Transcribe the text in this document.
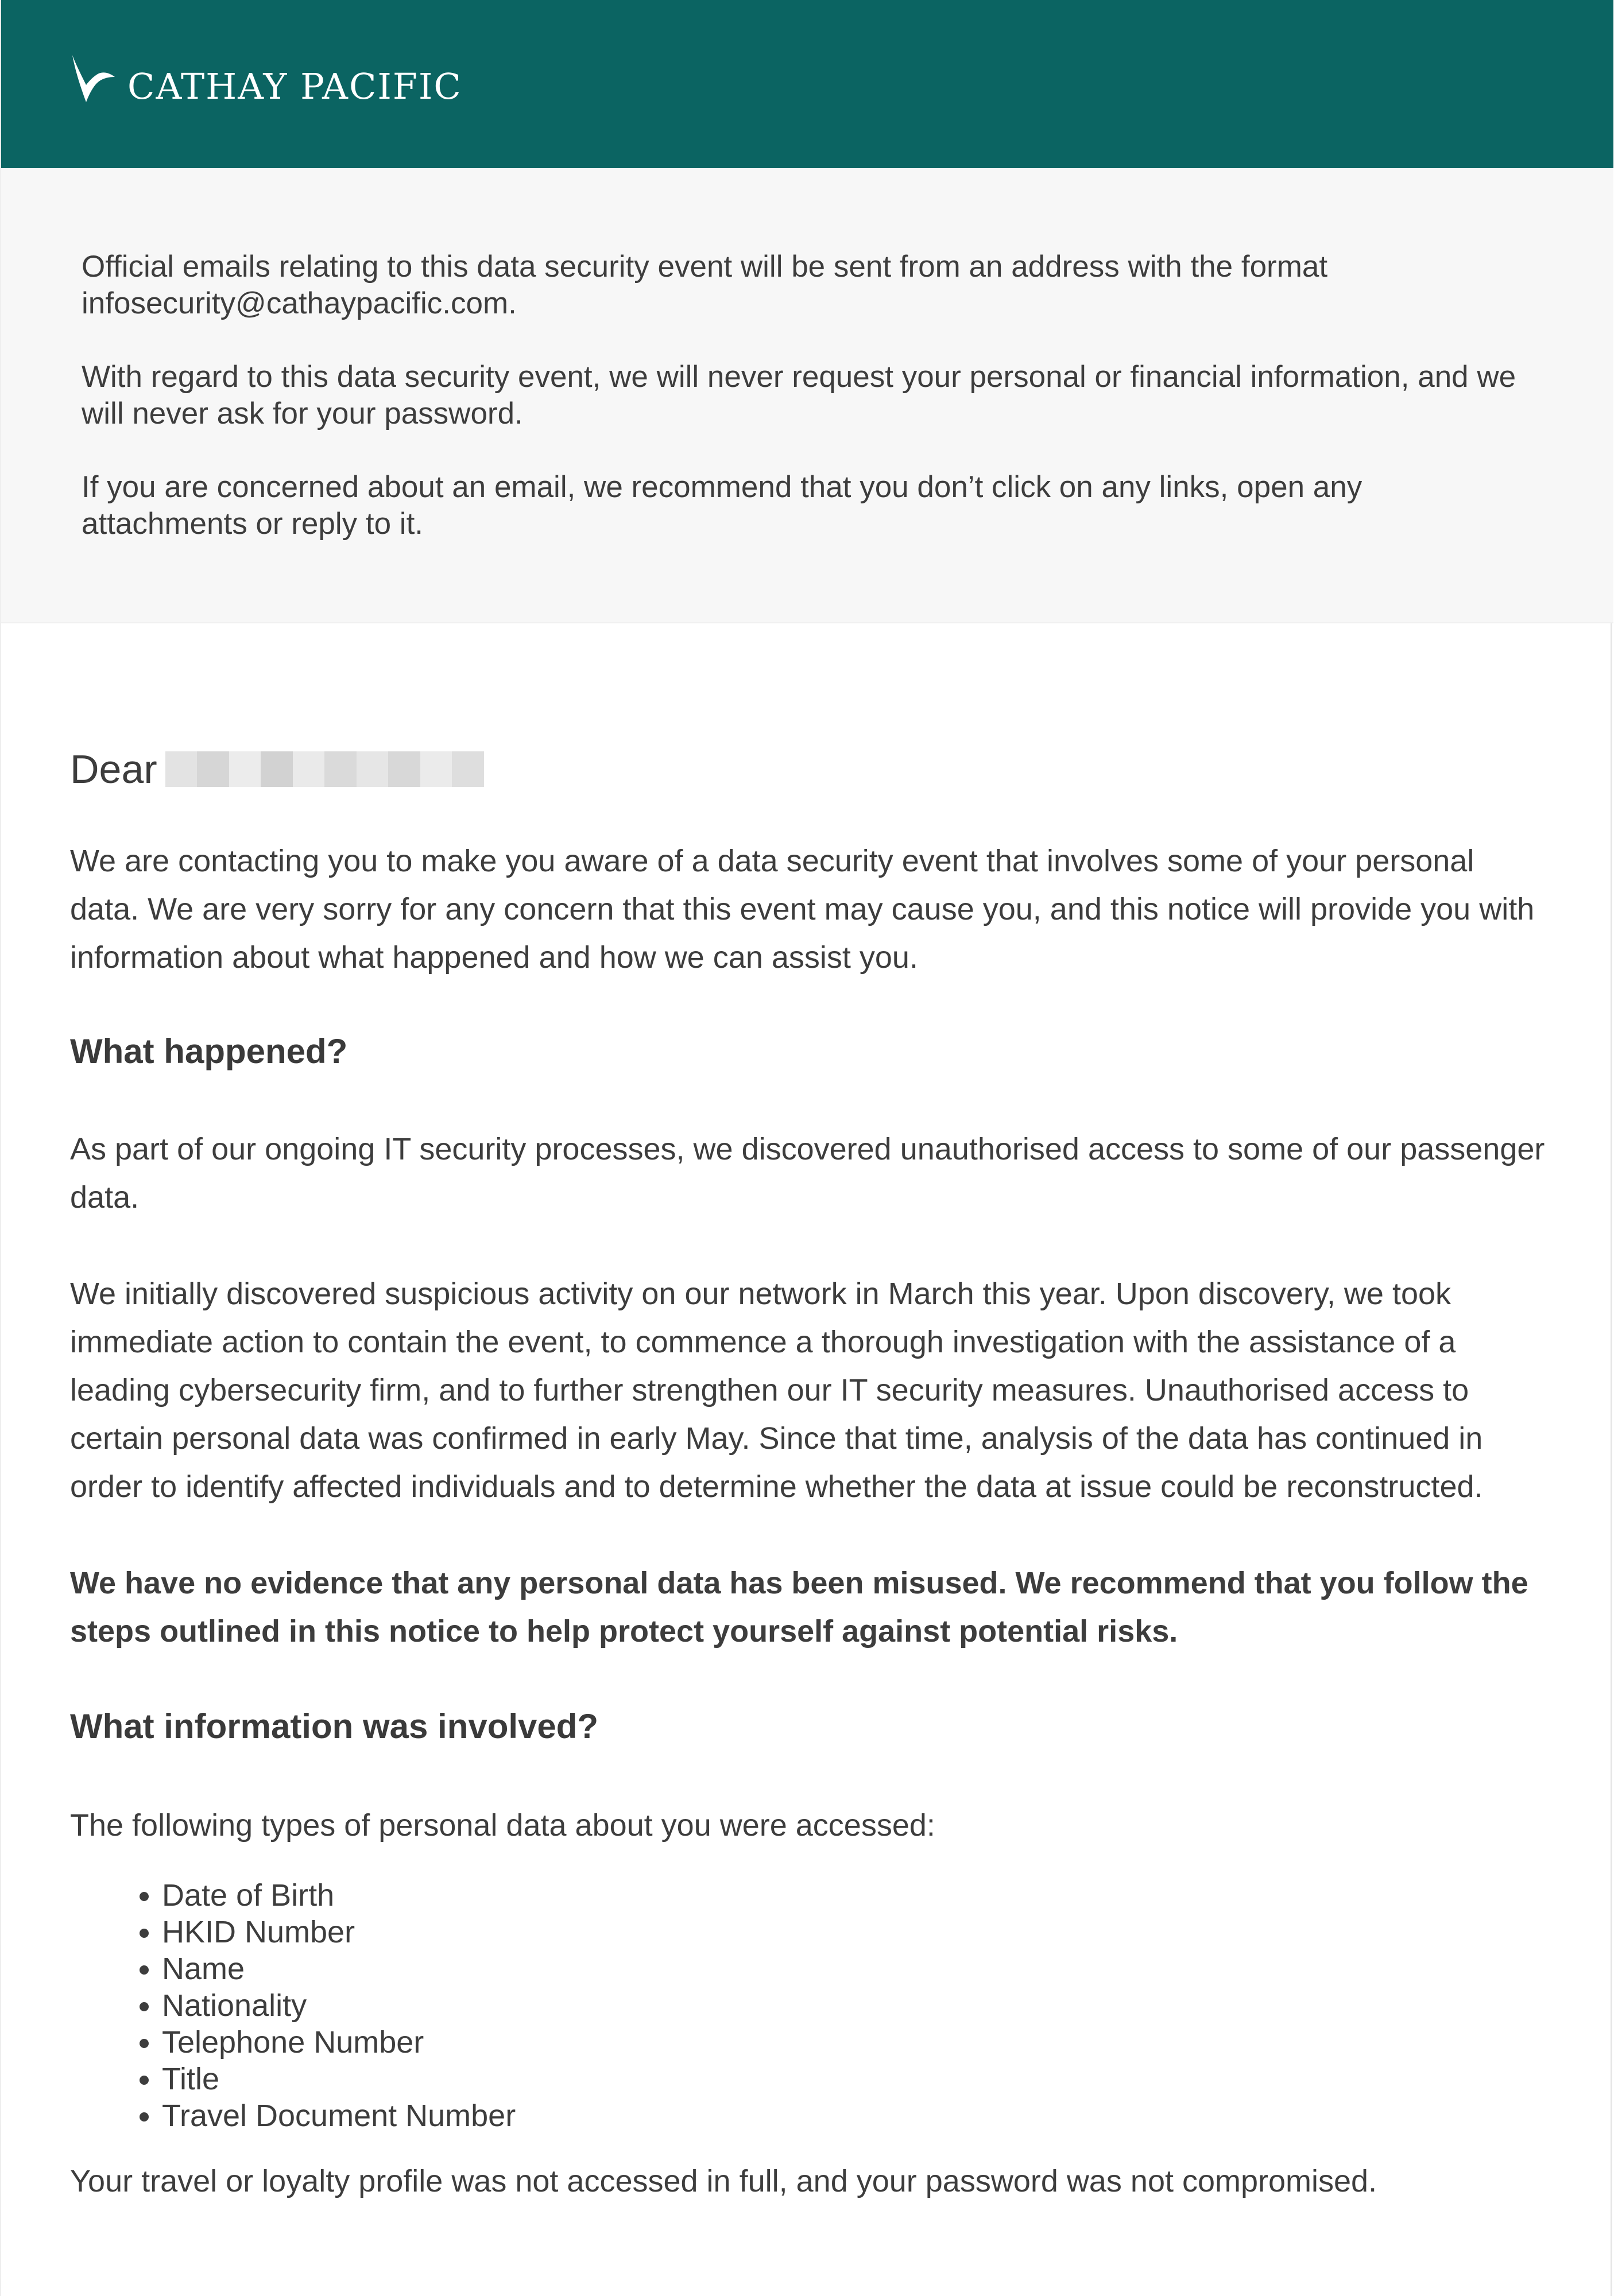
CATHAY PACIFIC

Official emails relating to this data security event will be sent from an address with the format infosecurity@cathaypacific.com.

With regard to this data security event, we will never request your personal or financial information, and we will never ask for your password.

If you are concerned about an email, we recommend that you don’t click on any links, open any attachments or reply to it.

Dear

We are contacting you to make you aware of a data security event that involves some of your personal data. We are very sorry for any concern that this event may cause you, and this notice will provide you with information about what happened and how we can assist you.

What happened?

As part of our ongoing IT security processes, we discovered unauthorised access to some of our passenger data.

We initially discovered suspicious activity on our network in March this year. Upon discovery, we took immediate action to contain the event, to commence a thorough investigation with the assistance of a leading cybersecurity firm, and to further strengthen our IT security measures. Unauthorised access to certain personal data was confirmed in early May. Since that time, analysis of the data has continued in order to identify affected individuals and to determine whether the data at issue could be reconstructed.

We have no evidence that any personal data has been misused. We recommend that you follow the steps outlined in this notice to help protect yourself against potential risks.

What information was involved?

The following types of personal data about you were accessed:

• Date of Birth
• HKID Number
• Name
• Nationality
• Telephone Number
• Title
• Travel Document Number

Your travel or loyalty profile was not accessed in full, and your password was not compromised.
